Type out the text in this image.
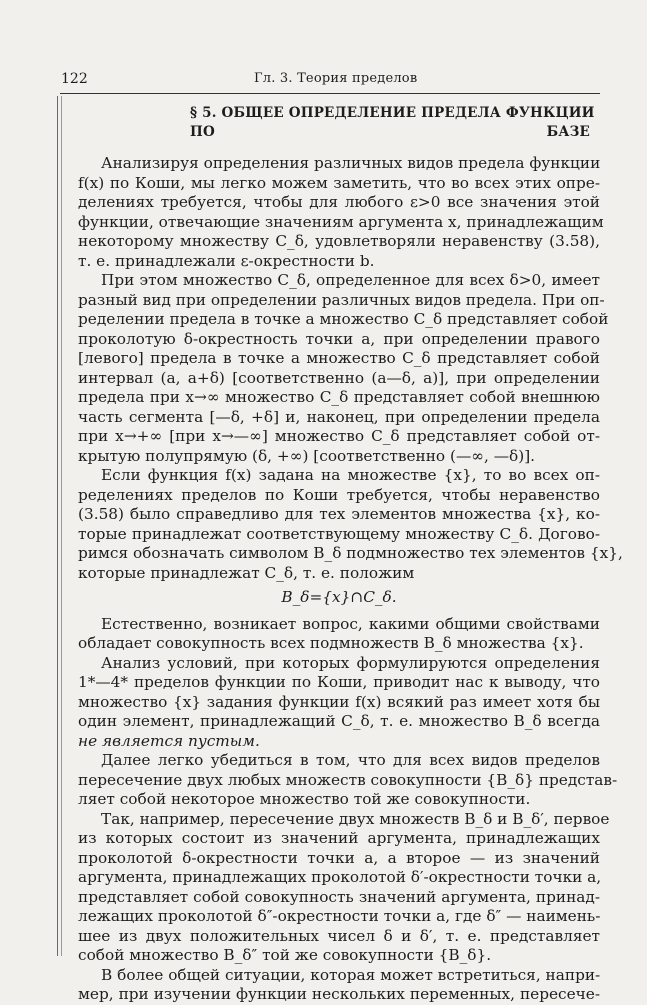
122	Гл. 3. Теория пределов
§ 5. ОБЩЕЕ ОПРЕДЕЛЕНИЕ ПРЕДЕЛА ФУНКЦИИ
ПО БАЗЕ
Анализируя определения различных видов предела функции
f(x) по Коши, мы легко можем заметить, что во всех этих опре-
делениях требуется, чтобы для любого ε>0 все значения этой
функции, отвечающие значениям аргумента x, принадлежащим
некоторому множеству C_δ, удовлетворяли неравенству (3.58),
т. е. принадлежали ε-окрестности b.
При этом множество C_δ, определенное для всех δ>0, имеет
разный вид при определении различных видов предела. При оп-
ределении предела в точке a множество C_δ представляет собой
проколотую δ-окрестность точки a, при определении правого
[левого] предела в точке a множество C_δ представляет собой
интервал (a, a+δ) [соответственно (a—δ, a)], при определении
предела при x→∞ множество C_δ представляет собой внешнюю
часть сегмента [—δ, +δ] и, наконец, при определении предела
при x→+∞ [при x→—∞] множество C_δ представляет собой от-
крытую полупрямую (δ, +∞) [соответственно (—∞, —δ)].
Если функция f(x) задана на множестве {x}, то во всех оп-
ределениях пределов по Коши требуется, чтобы неравенство
(3.58) было справедливо для тех элементов множества {x}, ко-
торые принадлежат соответствующему множеству C_δ. Догово-
римся обозначать символом B_δ подмножество тех элементов {x},
которые принадлежат C_δ, т. е. положим
B_δ={x}∩C_δ.
Естественно, возникает вопрос, какими общими свойствами
обладает совокупность всех подмножеств B_δ множества {x}.
Анализ условий, при которых формулируются определения
1*—4* пределов функции по Коши, приводит нас к выводу, что
множество {x} задания функции f(x) всякий раз имеет хотя бы
один элемент, принадлежащий C_δ, т. е. множество B_δ всегда
не является пустым.
Далее легко убедиться в том, что для всех видов пределов
пересечение двух любых множеств совокупности {B_δ} представ-
ляет собой некоторое множество той же совокупности.
Так, например, пересечение двух множеств B_δ и B_δ′, первое
из которых состоит из значений аргумента, принадлежащих
проколотой δ-окрестности точки a, а второе — из значений
аргумента, принадлежащих проколотой δ′-окрестности точки a,
представляет собой совокупность значений аргумента, принад-
лежащих проколотой δ″-окрестности точки a, где δ″ — наимень-
шее из двух положительных чисел δ и δ′, т. е. представляет
собой множество B_δ″ той же совокупности {B_δ}.
В более общей ситуации, которая может встретиться, напри-
мер, при изучении функции нескольких переменных, пересече-
